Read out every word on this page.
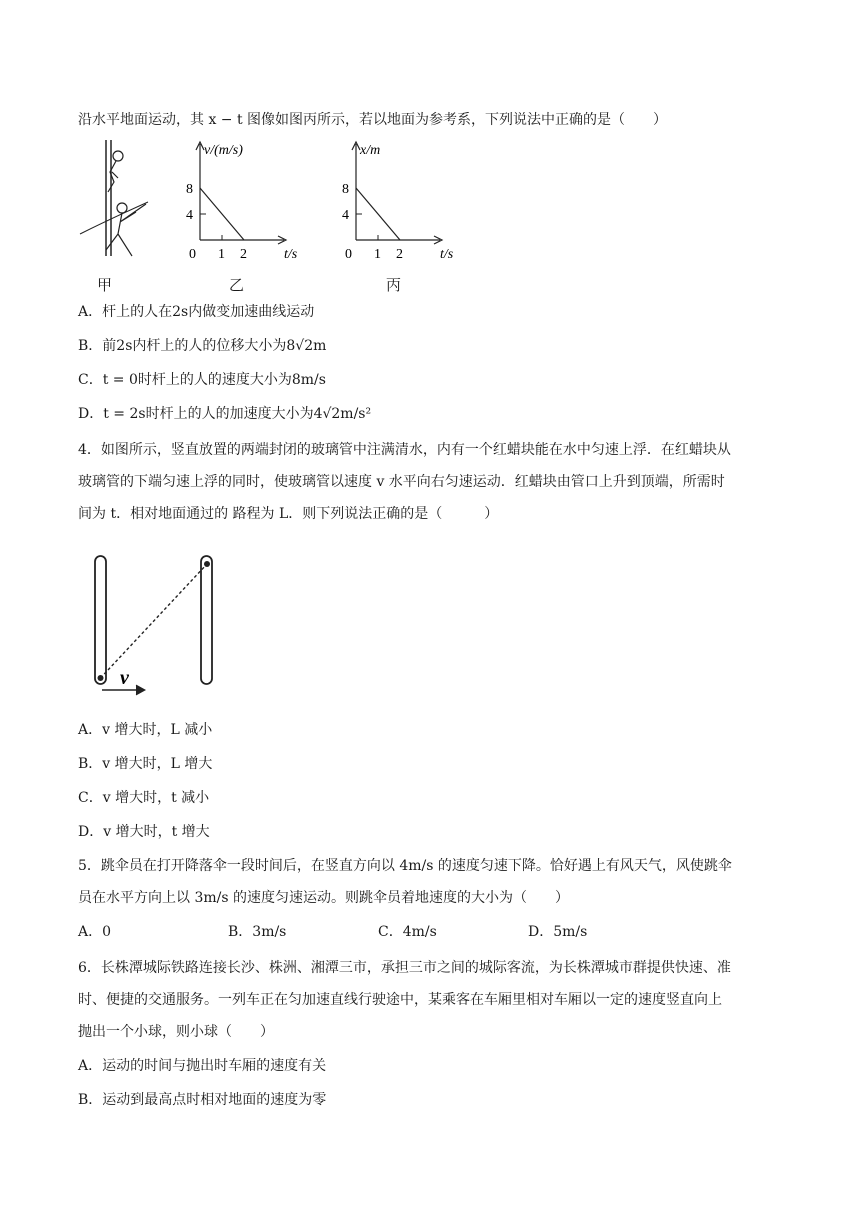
沿水平地面运动，其 x − t 图像如图丙所示，若以地面为参考系，下列说法中正确的是（　　）
甲
v/(m/s)
8
4
0 1 2	t/s
乙
x/m
8
4
0 1 2	t/s
丙
A．杆上的人在2s内做变加速曲线运动
B．前2s内杆上的人的位移大小为8√2m
C．t = 0时杆上的人的速度大小为8m/s
D．t = 2s时杆上的人的加速度大小为4√2m/s²
4．如图所示，竖直放置的两端封闭的玻璃管中注满清水，内有一个红蜡块能在水中匀速上浮．在红蜡块从
玻璃管的下端匀速上浮的同时，使玻璃管以速度 v 水平向右匀速运动．红蜡块由管口上升到顶端，所需时
间为 t．相对地面通过的 路程为 L．则下列说法正确的是（　　　）
v
A．v 增大时，L 减小
B．v 增大时，L 增大
C．v 增大时，t 减小
D．v 增大时，t 增大
5．跳伞员在打开降落伞一段时间后，在竖直方向以 4m/s 的速度匀速下降。恰好遇上有风天气，风使跳伞
员在水平方向上以 3m/s 的速度匀速运动。则跳伞员着地速度的大小为（　　）
A．0	B．3m/s	C．4m/s	D．5m/s
6．长株潭城际铁路连接长沙、株洲、湘潭三市，承担三市之间的城际客流，为长株潭城市群提供快速、准
时、便捷的交通服务。一列车正在匀加速直线行驶途中，某乘客在车厢里相对车厢以一定的速度竖直向上
抛出一个小球，则小球（　　）
A．运动的时间与抛出时车厢的速度有关
B．运动到最高点时相对地面的速度为零
